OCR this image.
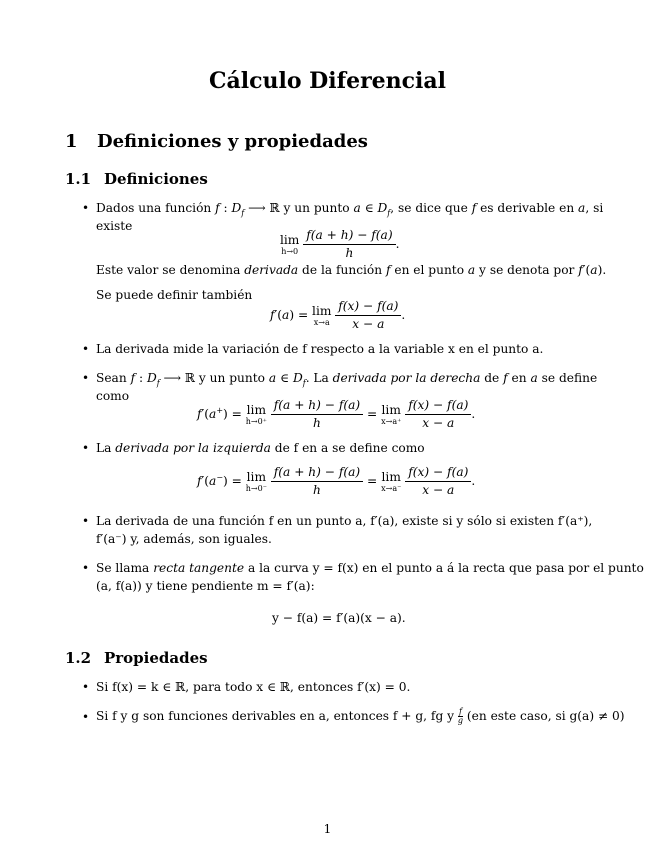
Cálculo Diferencial
1 Definiciones y propiedades
1.1 Definiciones
• Dados una función f : $D_f$ ⟶ ℝ y un punto a ∈ $D_f$, se dice que f es derivable en a, si
existe
lim
h→0
$\frac{f(a + h) - f(a)}{h}$ .
Este valor se denomina derivada de la función f en el punto a y se denota por f′(a).
Se puede definir también
f′(a) = lim
x→a
$\frac{f(x) - f(a)}{x - a}$ .
• La derivada mide la variación de f respecto a la variable x en el punto a.
• Sean f : $D_f$ ⟶ ℝ y un punto a ∈ $D_f$. La derivada por la derecha de f en a se define
como
f′(a+) = lim
h→0⁺
$\frac{f(a + h) - f(a)}{h} = \lim$
x→a⁺
$\frac{f(x) - f(a)}{x - a}$ .
• La derivada por la izquierda de f en a se define como
f′(a−) = lim
h→0⁻
$\frac{f(a + h) - f(a)}{h} = \lim$
x→a⁻
$\frac{f(x) - f(a)}{x - a}$ .
• La derivada de una función f en un punto a, f′(a), existe si y sólo si existen f′(a⁺),
f′(a⁻) y, además, son iguales.
• Se llama recta tangente a la curva y = f(x) en el punto a á la recta que pasa por el punto
(a, f(a)) y tiene pendiente m = f′(a):
y − f(a) = f′(a)(x − a).
1.2 Propiedades
• Si f(x) = k ∈ ℝ, para todo x ∈ ℝ, entonces f′(x) = 0.
• Si f y g son funciones derivables en a, entonces f + g, fg y $\frac{f}{g} (en$ este caso, si g(a) ≠ 0)
1
